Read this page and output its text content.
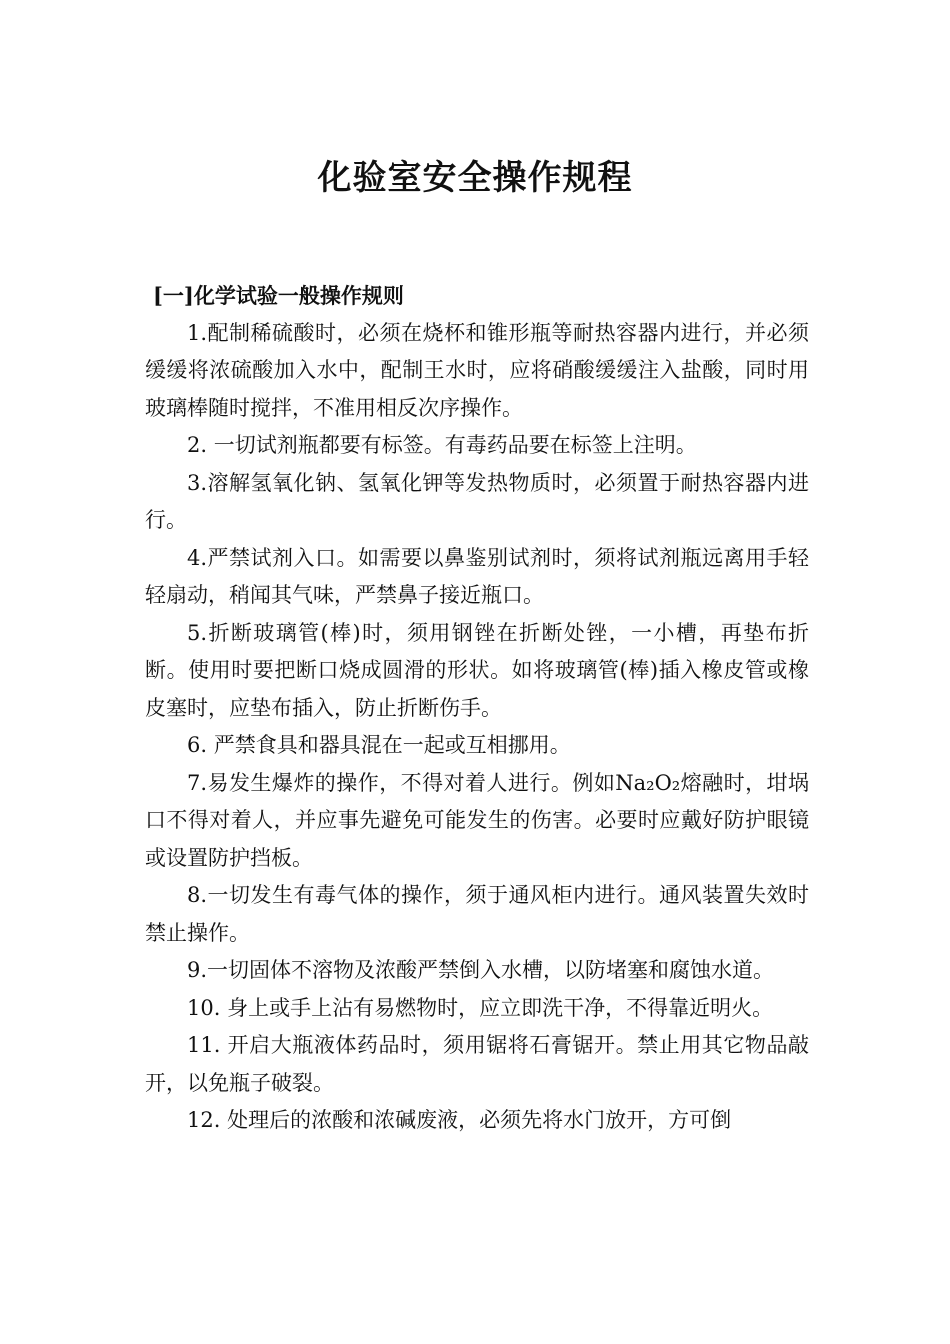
化验室安全操作规程
[一]化学试验一般操作规则

1.配制稀硫酸时，必须在烧杯和锥形瓶等耐热容器内进行，并必须缓缓将浓硫酸加入水中，配制王水时，应将硝酸缓缓注入盐酸，同时用玻璃棒随时搅拌，不准用相反次序操作。

2. 一切试剂瓶都要有标签。有毒药品要在标签上注明。

3.溶解氢氧化钠、氢氧化钾等发热物质时，必须置于耐热容器内进行。

4.严禁试剂入口。如需要以鼻鉴别试剂时，须将试剂瓶远离用手轻轻扇动，稍闻其气味，严禁鼻子接近瓶口。

5.折断玻璃管(棒)时，须用钢锉在折断处锉，一小槽，再垫布折断。使用时要把断口烧成圆滑的形状。如将玻璃管(棒)插入橡皮管或橡皮塞时，应垫布插入，防止折断伤手。

6. 严禁食具和器具混在一起或互相挪用。

7.易发生爆炸的操作，不得对着人进行。例如Na₂O₂熔融时，坩埚口不得对着人，并应事先避免可能发生的伤害。必要时应戴好防护眼镜或设置防护挡板。

8.一切发生有毒气体的操作，须于通风柜内进行。通风装置失效时禁止操作。

9.一切固体不溶物及浓酸严禁倒入水槽，以防堵塞和腐蚀水道。

10. 身上或手上沾有易燃物时，应立即洗干净，不得靠近明火。

11. 开启大瓶液体药品时，须用锯将石膏锯开。禁止用其它物品敲开，以免瓶子破裂。

12. 处理后的浓酸和浓碱废液，必须先将水门放开，方可倒
